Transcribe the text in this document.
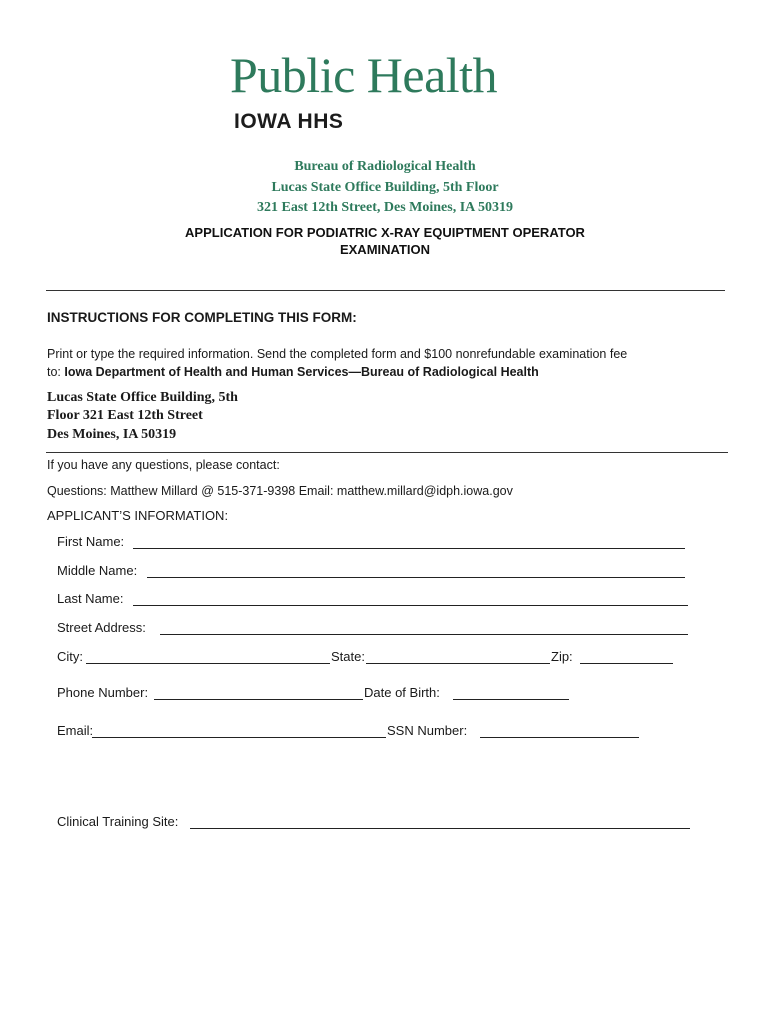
Public Health
IOWA HHS
Bureau of Radiological Health
Lucas State Office Building, 5th Floor
321 East 12th Street, Des Moines, IA 50319
APPLICATION FOR PODIATRIC X-RAY EQUIPTMENT OPERATOR
EXAMINATION
INSTRUCTIONS FOR COMPLETING THIS FORM:
Print or type the required information. Send the completed form and $100 nonrefundable examination fee
to: Iowa Department of Health and Human Services—Bureau of Radiological Health
Lucas State Office Building, 5th
Floor 321 East 12th Street
Des Moines, IA 50319
If you have any questions, please contact:
Questions: Matthew Millard @ 515-371-9398 Email: matthew.millard@idph.iowa.gov
APPLICANT’S INFORMATION:
First Name:
Middle Name:
Last Name:
Street Address:
City:	State:	Zip:
Phone Number:	Date of Birth:
Email:	SSN Number:
Clinical Training Site:
